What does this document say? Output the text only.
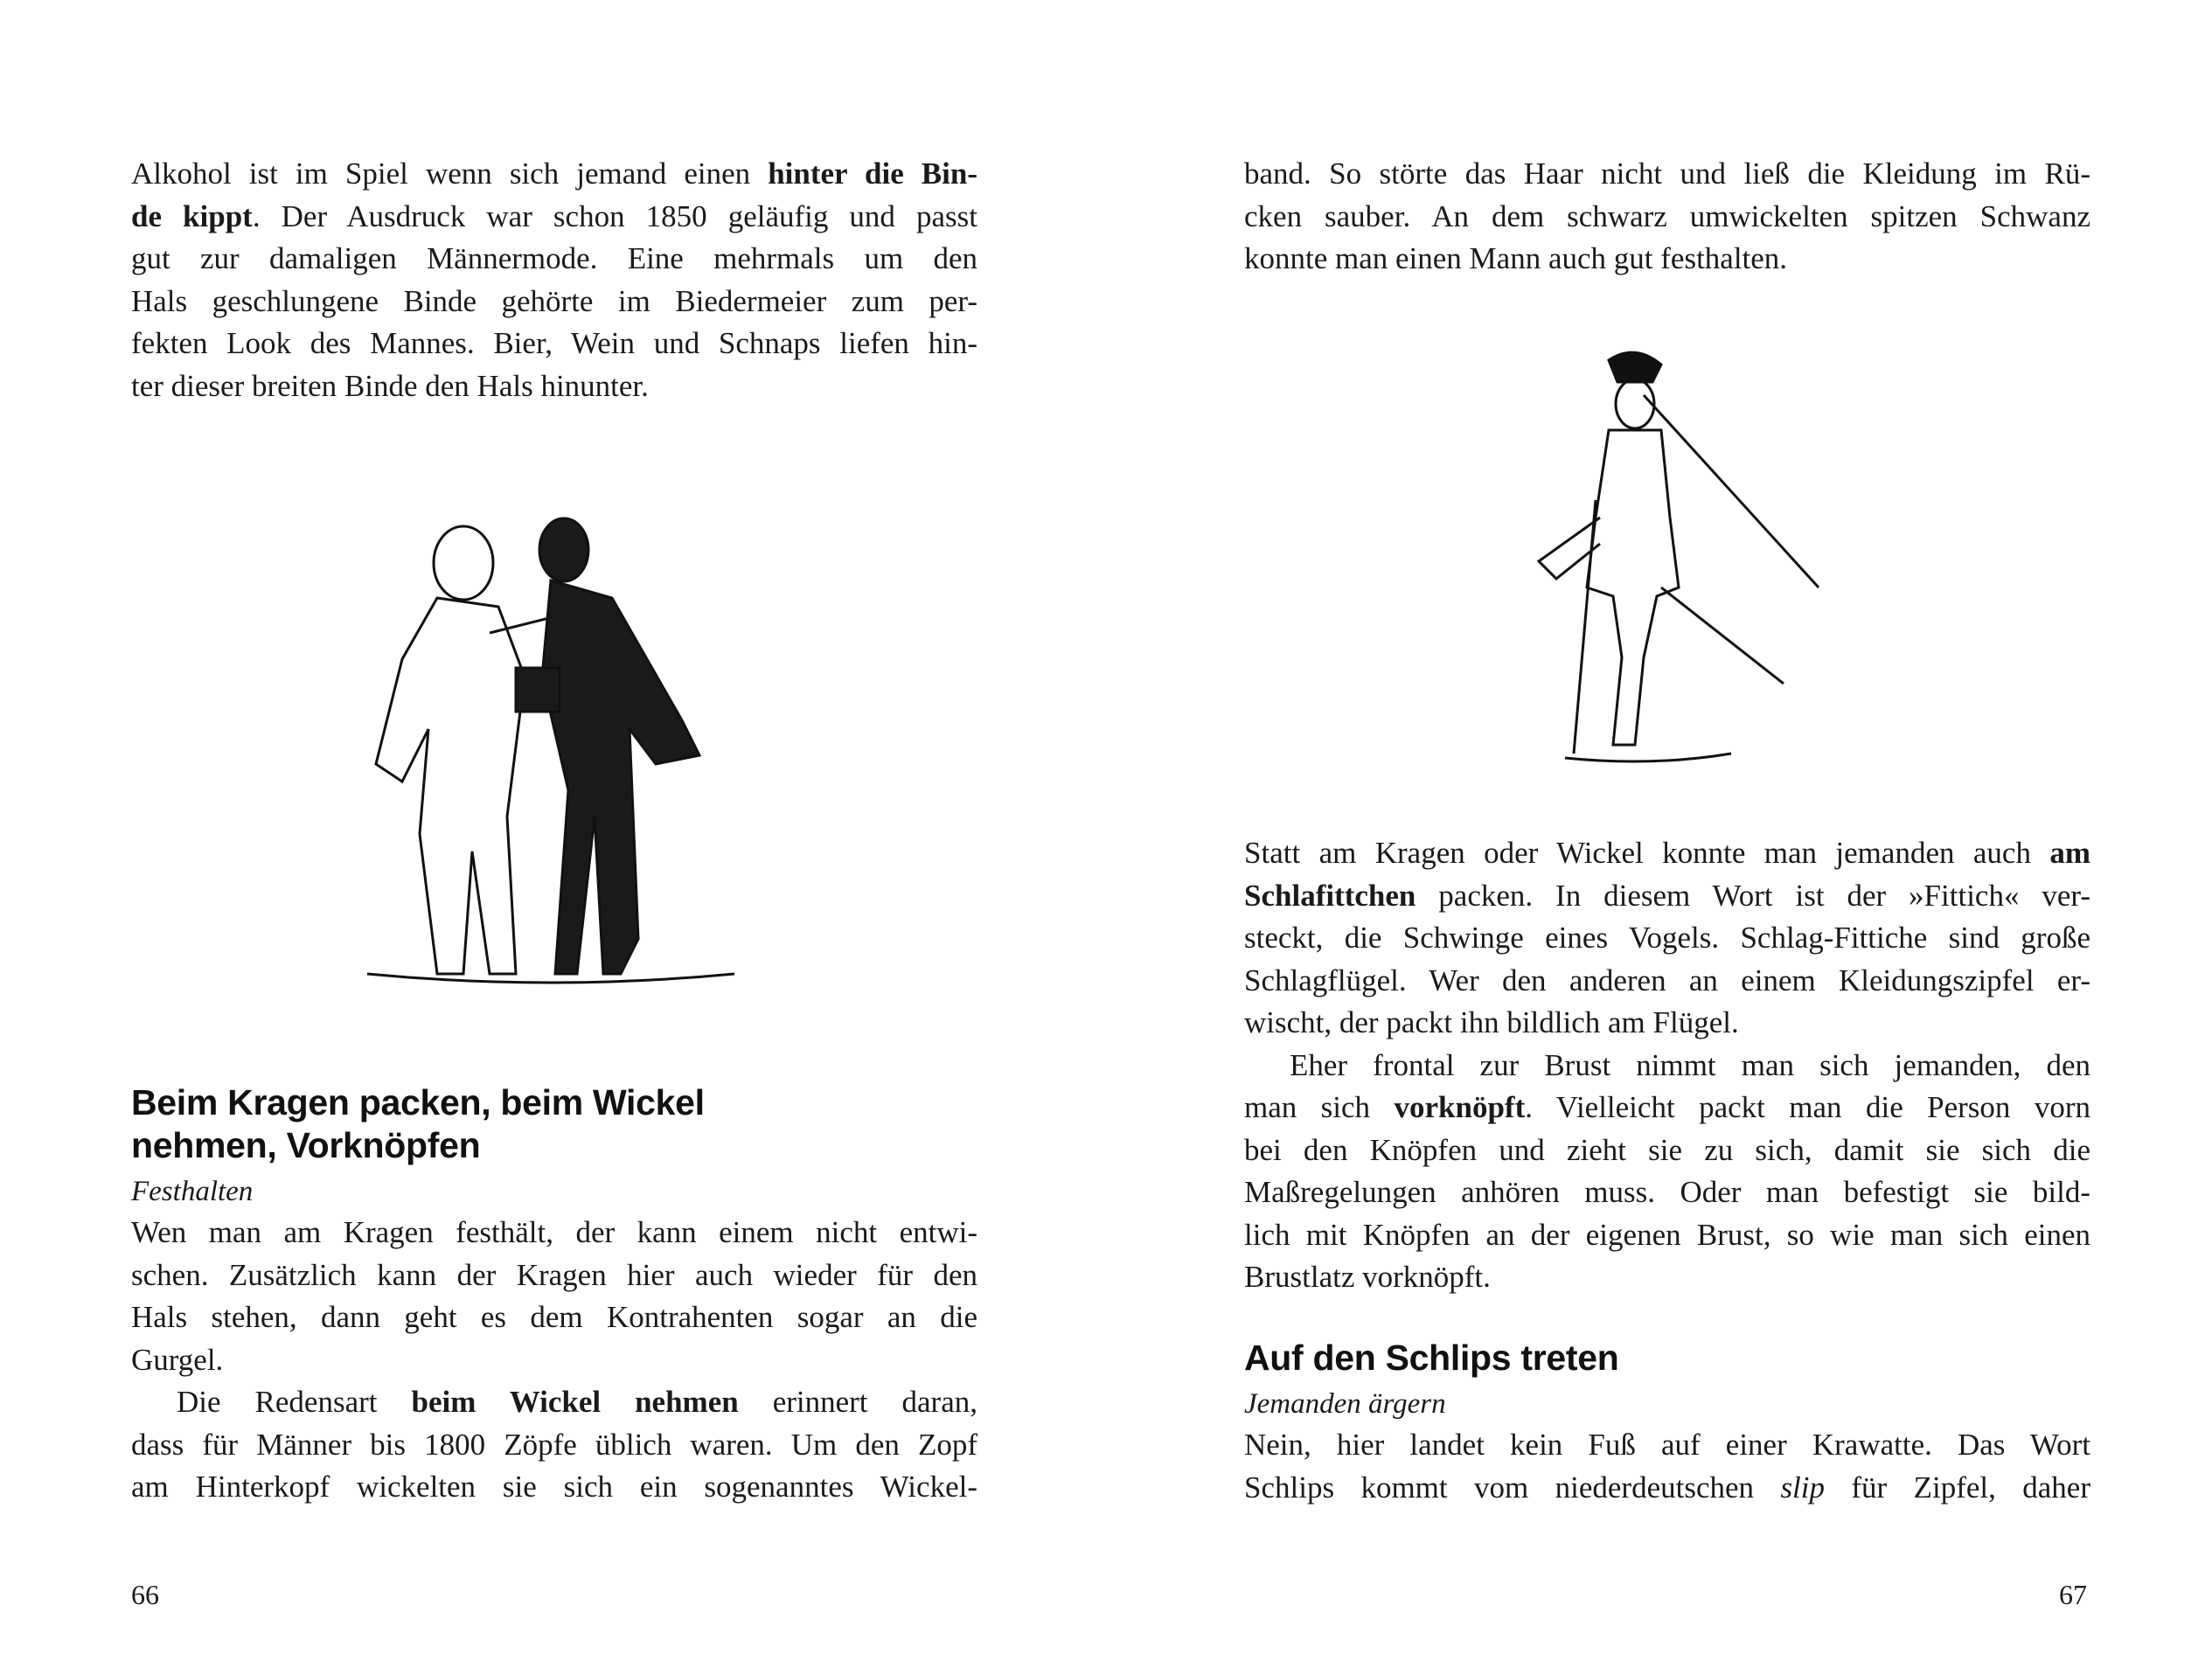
Alkohol ist im Spiel wenn sich jemand einen hinter die Bin-
de kippt. Der Ausdruck war schon 1850 geläufig und passt
gut zur damaligen Männermode. Eine mehrmals um den
Hals geschlungene Binde gehörte im Biedermeier zum per-
fekten Look des Mannes. Bier, Wein und Schnaps liefen hin-
ter dieser breiten Binde den Hals hinunter.
Beim Kragen packen, beim Wickel
nehmen, Vorknöpfen
Festhalten
Wen man am Kragen festhält, der kann einem nicht entwi-
schen. Zusätzlich kann der Kragen hier auch wieder für den
Hals stehen, dann geht es dem Kontrahenten sogar an die
Gurgel.
Die Redensart beim Wickel nehmen erinnert daran,
dass für Männer bis 1800 Zöpfe üblich waren. Um den Zopf
am Hinterkopf wickelten sie sich ein sogenanntes Wickel-
66
band. So störte das Haar nicht und ließ die Kleidung im Rü-
cken sauber. An dem schwarz umwickelten spitzen Schwanz
konnte man einen Mann auch gut festhalten.
Statt am Kragen oder Wickel konnte man jemanden auch am
Schlafittchen packen. In diesem Wort ist der »Fittich« ver-
steckt, die Schwinge eines Vogels. Schlag-Fittiche sind große
Schlagflügel. Wer den anderen an einem Kleidungszipfel er-
wischt, der packt ihn bildlich am Flügel.
Eher frontal zur Brust nimmt man sich jemanden, den
man sich vorknöpft. Vielleicht packt man die Person vorn
bei den Knöpfen und zieht sie zu sich, damit sie sich die
Maßregelungen anhören muss. Oder man befestigt sie bild-
lich mit Knöpfen an der eigenen Brust, so wie man sich einen
Brustlatz vorknöpft.
Auf den Schlips treten
Jemanden ärgern
Nein, hier landet kein Fuß auf einer Krawatte. Das Wort
Schlips kommt vom niederdeutschen slip für Zipfel, daher
67
